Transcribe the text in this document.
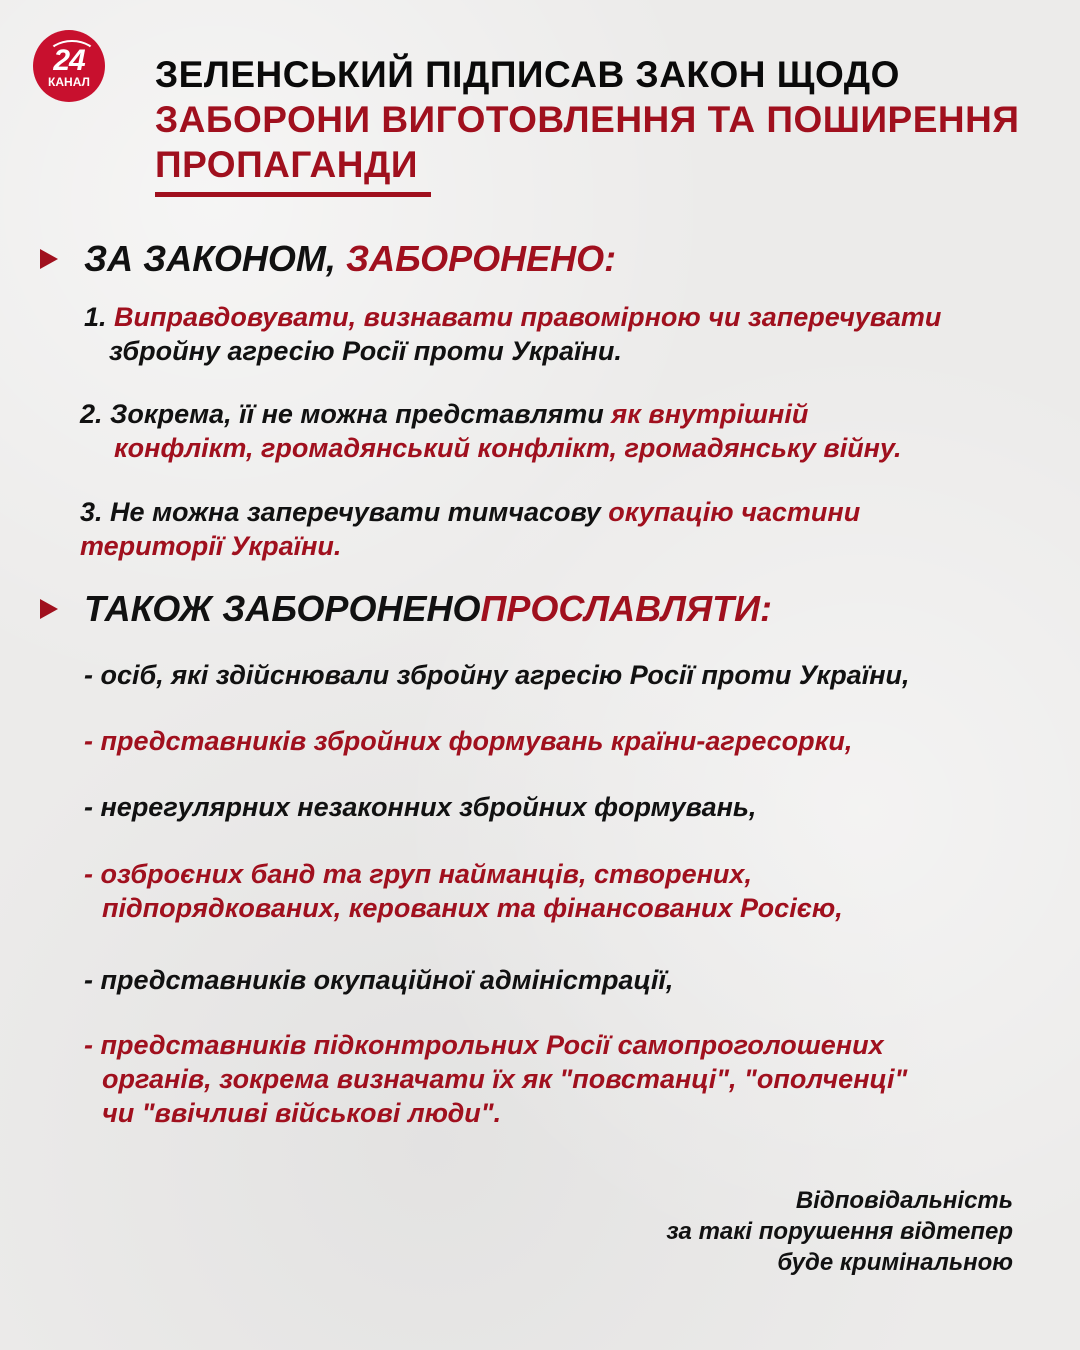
24
КАНАЛ ЗЕЛЕНСЬКИЙ ПІДПИСАВ ЗАКОН ЩОДО
ЗАБОРОНИ ВИГОТОВЛЕННЯ ТА ПОШИРЕННЯ
ПРОПАГАНДИ
ЗА ЗАКОНОМ,
ЗАБОРОНЕНО:
1. Виправдовувати, визнавати правомірною чи заперечувати
збройну агресію Росії проти України.
2. Зокрема, її не можна представляти як внутрішній
конфлікт, громадянський конфлікт, громадянську війну.
3. Не можна заперечувати тимчасову окупацію частини
території України.
ТАКОЖ ЗАБОРОНЕНО ПРОСЛАВЛЯТИ:
- осіб, які здійснювали збройну агресію Росії проти України,
- представників збройних формувань країни-агресорки,
- нерегулярних незаконних збройних формувань,
- озброєних банд та груп найманців, створених,
підпорядкованих, керованих та фінансованих Росією,
- представників окупаційної адміністрації,
- представників підконтрольних Росії самопроголошених
органів, зокрема визначати їх як "повстанці", "ополченці"
чи "ввічливі військові люди".
Відповідальність
за такі порушення відтепер
буде кримінальною
